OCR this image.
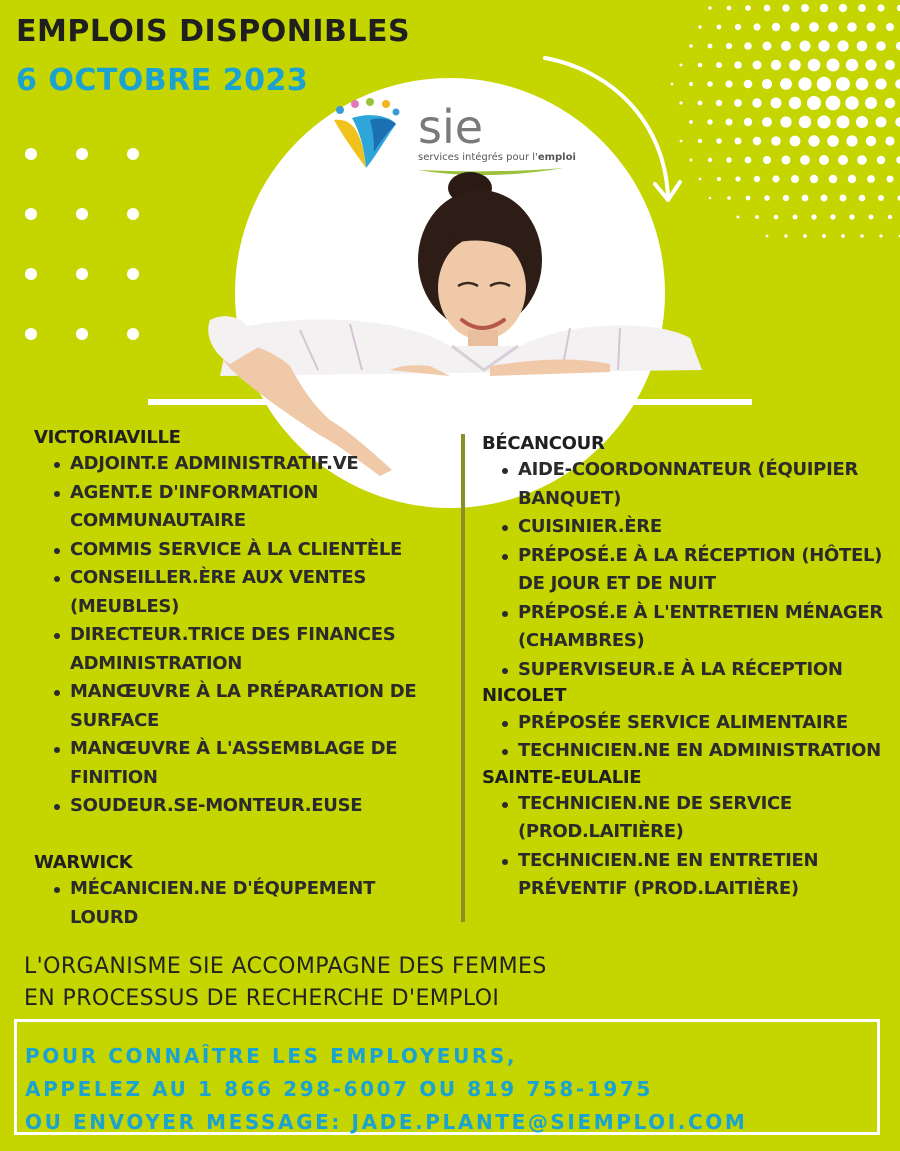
EMPLOIS DISPONIBLES
6 OCTOBRE 2023
sie
services intégrés pour l'emploi

VICTORIAVILLE

ADJOINT.E ADMINISTRATIF.VE
AGENT.E D'INFORMATION COMMUNAUTAIRE
COMMIS SERVICE À LA CLIENTÈLE
CONSEILLER.ÈRE AUX VENTES (MEUBLES)
DIRECTEUR.TRICE DES FINANCES ADMINISTRATION
MANŒUVRE À LA PRÉPARATION DE SURFACE
MANŒUVRE À L'ASSEMBLAGE DE FINITION
SOUDEUR.SE-MONTEUR.EUSE

WARWICK

MÉCANICIEN.NE D'ÉQUPEMENT LOURD

BÉCANCOUR

AIDE-COORDONNATEUR (ÉQUIPIER BANQUET)
CUISINIER.ÈRE
PRÉPOSÉ.E À LA RÉCEPTION (HÔTEL) DE JOUR ET DE NUIT
PRÉPOSÉ.E À L'ENTRETIEN MÉNAGER (CHAMBRES)
SUPERVISEUR.E À LA RÉCEPTION

NICOLET

PRÉPOSÉE SERVICE ALIMENTAIRE
TECHNICIEN.NE EN ADMINISTRATION

SAINTE-EULALIE

TECHNICIEN.NE DE SERVICE (PROD.LAITIÈRE)
TECHNICIEN.NE EN ENTRETIEN PRÉVENTIF (PROD.LAITIÈRE)

L'ORGANISME SIE ACCOMPAGNE DES FEMMES
EN PROCESSUS DE RECHERCHE D'EMPLOI

POUR CONNAÎTRE LES EMPLOYEURS,
APPELEZ AU 1 866 298-6007 OU 819 758-1975
OU ENVOYER MESSAGE: JADE.PLANTE@SIEMPLOI.COM
